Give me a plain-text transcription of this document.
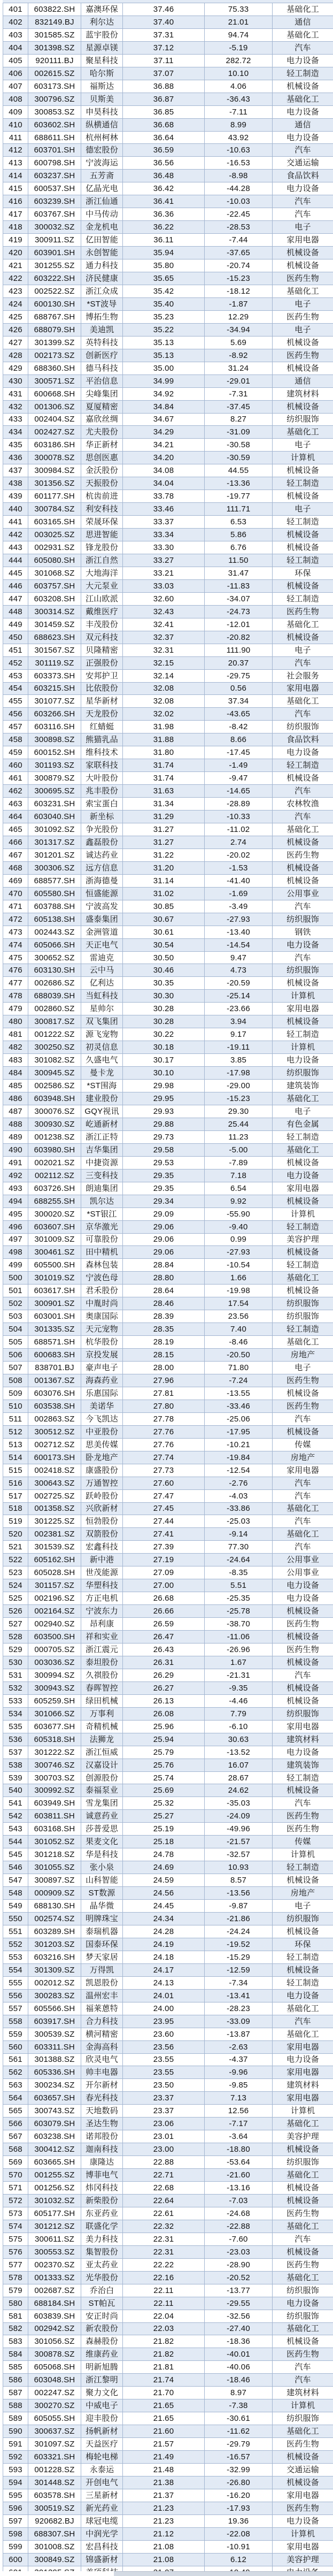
401	603822.SH	嘉澳环保	37.46	75.33	基础化工
402	832149.BJ	利尔达	37.40	21.01	通信
403	301585.SZ	蓝宇股份	37.31	94.74	基础化工
404	301398.SZ	星源卓镁	37.12	-5.19	汽车
405	920111.BJ	聚星科技	37.11	282.72	电力设备
406	002615.SZ	哈尔斯	37.07	10.10	轻工制造
407	603173.SH	福斯达	36.88	4.06	机械设备
408	300796.SZ	贝斯美	36.87	-36.43	基础化工
409	300853.SZ	申昊科技	36.85	-7.11	电力设备
410	603602.SH	纵横通信	36.68	8.99	通信
411	688611.SH	杭州柯林	36.64	43.92	电力设备
412	603701.SH	德宏股份	36.59	-10.63	汽车
413	600798.SH	宁波海运	36.56	-16.53	交通运输
414	603237.SH	五芳斋	36.48	-8.98	食品饮料
415	600537.SH	亿晶光电	36.42	-44.28	电力设备
416	603239.SH	浙江仙通	36.41	-10.03	汽车
417	603767.SH	中马传动	36.36	-22.45	汽车
418	300032.SZ	金龙机电	36.22	-28.53	电子
419	300911.SZ	亿田智能	36.11	-7.44	家用电器
420	603901.SH	永创智能	35.94	-37.65	机械设备
421	301255.SZ	通力科技	35.80	-20.74	机械设备
422	603222.SH	济民健康	35.65	-15.23	医药生物
423	002522.SZ	浙江众成	35.42	-18.12	基础化工
424	600130.SH	*ST波导	35.40	-1.87	电子
425	688767.SH	博拓生物	35.23	12.29	医药生物
426	688079.SH	美迪凯	35.22	-34.94	电子
427	301399.SZ	英特科技	35.13	5.69	机械设备
428	002173.SZ	创新医疗	35.13	-8.92	医药生物
429	688360.SH	德马科技	35.00	31.24	机械设备
430	300571.SZ	平治信息	34.99	-29.01	通信
431	600668.SH	尖峰集团	34.92	-7.31	建筑材料
432	001306.SZ	夏厦精密	34.84	-37.45	机械设备
433	002404.SZ	嘉欣丝绸	34.67	8.27	纺织服饰
434	002427.SZ	尤夫股份	34.29	-31.09	基础化工
435	603186.SH	华正新材	34.21	-30.58	电子
436	300078.SZ	思创医惠	34.20	-30.59	计算机
437	300984.SZ	金沃股份	34.08	44.55	机械设备
438	301356.SZ	天振股份	34.04	-13.36	轻工制造
439	601177.SH	杭齿前进	33.78	-19.77	机械设备
440	300784.SZ	利安科技	33.46	111.71	电子
441	603165.SH	荣晟环保	33.37	6.53	轻工制造
442	003025.SZ	思进智能	33.34	5.86	机械设备
443	002931.SZ	锋龙股份	33.30	6.76	机械设备
444	605080.SH	浙江自然	33.27	11.50	轻工制造
445	301068.SZ	大地海洋	33.21	31.47	环保
446	603757.SH	大元泵业	33.03	-11.83	机械设备
447	603208.SH	江山欧派	32.60	-34.07	轻工制造
448	300314.SZ	戴维医疗	32.43	-24.73	医药生物
449	301459.SZ	丰茂股份	32.41	-12.01	基础化工
450	688623.SH	双元科技	32.37	-20.82	机械设备
451	301567.SZ	贝隆精密	32.31	111.90	电子
452	301119.SZ	正强股份	32.15	20.37	汽车
453	603373.SH	安邦护卫	32.14	-29.75	社会服务
454	603215.SH	比依股份	32.08	0.56	家用电器
455	301077.SZ	星华新材	32.08	37.34	基础化工
456	603266.SH	天龙股份	32.02	-43.65	汽车
457	603116.SH	红蜻蜓	31.98	-8.42	纺织服饰
458	300898.SZ	熊猫乳品	31.88	8.66	食品饮料
459	600152.SH	维科技术	31.80	-17.45	电力设备
460	301193.SZ	家联科技	31.74	-1.49	轻工制造
461	300879.SZ	大叶股份	31.74	-9.47	机械设备
462	300695.SZ	兆丰股份	31.63	-14.65	汽车
463	603231.SH	索宝蛋白	31.34	-28.89	农林牧渔
464	603040.SH	新坐标	31.29	-10.33	汽车
465	301092.SZ	争光股份	31.27	-11.02	基础化工
466	301317.SZ	鑫磊股份	31.27	2.74	机械设备
467	301201.SZ	诚达药业	31.22	-20.02	医药生物
468	300306.SZ	远方信息	31.20	-1.53	机械设备
469	688577.SH	浙海德曼	31.14	-41.40	机械设备
470	605580.SH	恒盛能源	31.02	-1.69	公用事业
471	603788.SH	宁波高发	30.85	-3.49	汽车
472	605138.SH	盛泰集团	30.67	-27.93	纺织服饰
473	002443.SZ	金洲管道	30.61	-13.40	钢铁
474	605066.SH	天正电气	30.54	-14.54	电力设备
475	300652.SZ	雷迪克	30.50	9.47	汽车
476	603130.SH	云中马	30.46	4.73	纺织服饰
477	002686.SZ	亿利达	30.35	-20.59	机械设备
478	688039.SH	当虹科技	30.30	-25.14	计算机
479	002860.SZ	星帅尔	30.28	-23.66	家用电器
480	300817.SZ	双飞集团	30.28	3.94	机械设备
481	001222.SZ	源飞宠物	30.22	9.17	轻工制造
482	300250.SZ	初灵信息	30.18	-19.11	计算机
483	301082.SZ	久盛电气	30.17	3.85	电力设备
484	300945.SZ	曼卡龙	30.10	-17.98	纺织服饰
485	002586.SZ	*ST围海	29.98	-29.00	建筑装饰
486	603948.SH	建业股份	29.95	-15.23	基础化工
487	300076.SZ	GQY视讯	29.93	29.30	电子
488	300930.SZ	屹通新材	29.88	25.44	有色金属
489	001238.SZ	浙江正特	29.73	11.23	轻工制造
490	603980.SH	吉华集团	29.58	-5.00	基础化工
491	002021.SZ	中捷资源	29.53	-7.89	机械设备
492	002112.SZ	三变科技	29.35	7.18	电力设备
493	603726.SH	朗迪集团	29.35	6.54	家用电器
494	688255.SH	凯尔达	29.34	9.92	机械设备
495	300020.SZ	*ST银江	29.09	-55.90	计算机
496	603607.SH	京华激光	29.06	-9.40	轻工制造
497	301009.SZ	可靠股份	29.06	0.99	美容护理
498	300461.SZ	田中精机	29.06	-27.93	机械设备
499	605500.SH	森林包装	28.84	-10.54	轻工制造
500	301019.SZ	宁波色母	28.80	1.66	基础化工
501	603617.SH	君禾股份	28.64	-19.98	机械设备
502	300901.SZ	中胤时尚	28.46	17.54	纺织服饰
503	603001.SH	奥康国际	28.39	23.56	纺织服饰
504	301335.SZ	天元宠物	28.35	7.40	轻工制造
505	688571.SH	杭华股份	28.19	-8.46	基础化工
506	600683.SH	京投发展	28.15	-20.50	房地产
507	838701.BJ	豪声电子	28.00	71.80	电子
508	001367.SZ	海森药业	27.96	-7.24	医药生物
509	603076.SH	乐惠国际	27.81	-13.55	机械设备
510	603538.SH	美诺华	27.80	-33.46	医药生物
511	002863.SZ	今飞凯达	27.78	-25.06	汽车
512	300512.SZ	中亚股份	27.76	-17.95	机械设备
513	002712.SZ	思美传媒	27.76	-10.21	传媒
514	600173.SH	卧龙地产	27.74	-19.84	房地产
515	002418.SZ	康盛股份	27.73	-12.54	家用电器
516	300643.SZ	万通智控	27.60	-2.76	汽车
517	002725.SZ	跃岭股份	27.47	-4.03	汽车
518	001358.SZ	兴欣新材	27.45	-33.86	基础化工
519	301225.SZ	恒勃股份	27.44	-25.03	汽车
520	002381.SZ	双箭股份	27.41	-9.14	基础化工
521	301539.SZ	宏鑫科技	27.39	77.30	汽车
522	605162.SH	新中港	27.19	-24.64	公用事业
523	605028.SH	世茂能源	27.09	-8.35	公用事业
524	301157.SZ	华塑科技	27.00	5.51	电力设备
525	002196.SZ	方正电机	26.68	-25.35	电力设备
526	002164.SZ	宁波东力	26.66	-25.78	机械设备
527	002940.SZ	昂利康	26.59	-38.70	医药生物
528	603500.SH	祥和实业	26.47	-11.06	机械设备
529	000705.SZ	浙江震元	26.43	-26.96	医药生物
530	003036.SZ	泰坦股份	26.31	1.67	机械设备
531	300994.SZ	久祺股份	26.29	-21.31	汽车
532	300943.SZ	春晖智控	26.27	-9.35	机械设备
533	605259.SH	绿田机械	26.13	-4.46	机械设备
534	301066.SZ	万事利	26.08	7.79	纺织服饰
535	603677.SH	奇精机械	25.96	-6.10	家用电器
536	605318.SH	法狮龙	25.94	30.63	建筑材料
537	301222.SZ	浙江恒威	25.79	-13.52	电力设备
538	300746.SZ	汉嘉设计	25.76	16.07	建筑装饰
539	300703.SZ	创源股份	25.74	28.67	轻工制造
540	300992.SZ	泰福泵业	25.69	24.62	机械设备
541	603949.SH	雪龙集团	25.32	-35.03	汽车
542	603811.SH	诚意药业	25.27	-24.09	医药生物
543	603168.SH	莎普爱思	25.19	-49.96	医药生物
544	301052.SZ	果麦文化	25.18	-21.57	传媒
545	301218.SZ	华是科技	24.78	-32.57	计算机
546	301055.SZ	张小泉	24.69	10.93	轻工制造
547	300897.SZ	山科智能	24.59	8.57	机械设备
548	000909.SZ	ST数源	24.56	-13.56	房地产
549	688130.SH	晶华微	24.45	-9.87	电子
550	002574.SZ	明牌珠宝	24.34	-21.86	纺织服饰
551	603289.SH	泰瑞机器	24.28	-24.24	机械设备
552	301203.SZ	国泰环保	24.19	-19.52	环保
553	603216.SH	梦天家居	24.18	-15.29	轻工制造
554	301309.SZ	万得凯	24.17	-12.59	机械设备
555	002012.SZ	凯恩股份	24.13	-7.34	轻工制造
556	300283.SZ	温州宏丰	24.01	-13.41	电力设备
557	605566.SH	福莱蒽特	24.00	-28.23	基础化工
558	603917.SH	合力科技	23.95	-33.09	汽车
559	300539.SZ	横河精密	23.60	-13.87	基础化工
560	603311.SH	金海高科	23.56	-2.63	家用电器
561	301388.SZ	欣灵电气	23.55	-4.37	电力设备
562	605336.SH	帅丰电器	23.55	-9.96	家用电器
563	300234.SZ	开尔新材	23.50	-9.85	建筑材料
564	603657.SH	春光科技	23.37	7.13	家用电器
565	300743.SZ	天地数码	23.37	12.56	计算机
566	603079.SH	圣达生物	23.06	-7.17	基础化工
567	603238.SH	诺邦股份	23.01	-3.64	美容护理
568	300412.SZ	迦南科技	23.00	-18.80	机械设备
569	603665.SH	康隆达	22.88	-53.64	纺织服饰
570	001255.SZ	博菲电气	22.71	-21.60	基础化工
571	001256.SZ	炜冈科技	22.68	-13.16	机械设备
572	301032.SZ	新柴股份	22.64	-7.03	机械设备
573	605177.SH	东亚药业	22.61	-24.68	医药生物
574	301212.SZ	联盛化学	22.32	-22.88	基础化工
575	300611.SZ	美力科技	22.31	-7.60	汽车
576	300553.SZ	集智股份	22.31	-23.03	机械设备
577	002370.SZ	亚太药业	22.22	-28.90	医药生物
578	001333.SZ	光华股份	22.16	-20.52	基础化工
579	002687.SZ	乔治白	22.11	-13.77	纺织服饰
580	688184.SH	ST帕瓦	22.11	-29.55	电力设备
581	603839.SH	安正时尚	22.04	-32.56	纺织服饰
582	002942.SZ	新农股份	22.03	-27.40	基础化工
583	301056.SZ	森赫股份	21.82	-18.36	机械设备
584	300878.SZ	维康药业	21.82	-40.01	医药生物
585	605068.SH	明新旭腾	21.81	-40.06	汽车
586	603048.SH	浙江黎明	21.74	-18.46	汽车
587	002247.SZ	聚力文化	21.70	8.97	建筑材料
588	300270.SZ	中威电子	21.65	-7.38	计算机
589	605055.SH	迎丰股份	21.65	-30.61	纺织服饰
590	300637.SZ	扬帆新材	21.60	-11.62	基础化工
591	301097.SZ	天益医疗	21.57	-29.79	医药生物
592	603321.SH	梅轮电梯	21.49	-16.57	机械设备
593	001228.SZ	永泰运	21.48	-32.99	交通运输
594	301448.SZ	开创电气	21.38	-26.80	机械设备
595	603578.SH	三星新材	21.37	-16.20	家用电器
596	300519.SZ	新光药业	21.23	-17.93	医药生物
597	920682.BJ	球冠电缆	21.23	19.36	电力设备
598	688307.SH	中润光学	21.12	-22.08	计算机
599	301008.SZ	宏昌科技	21.08	-10.91	家用电器
600	300849.SZ	锦盛新材	21.08	6.12	美容护理
